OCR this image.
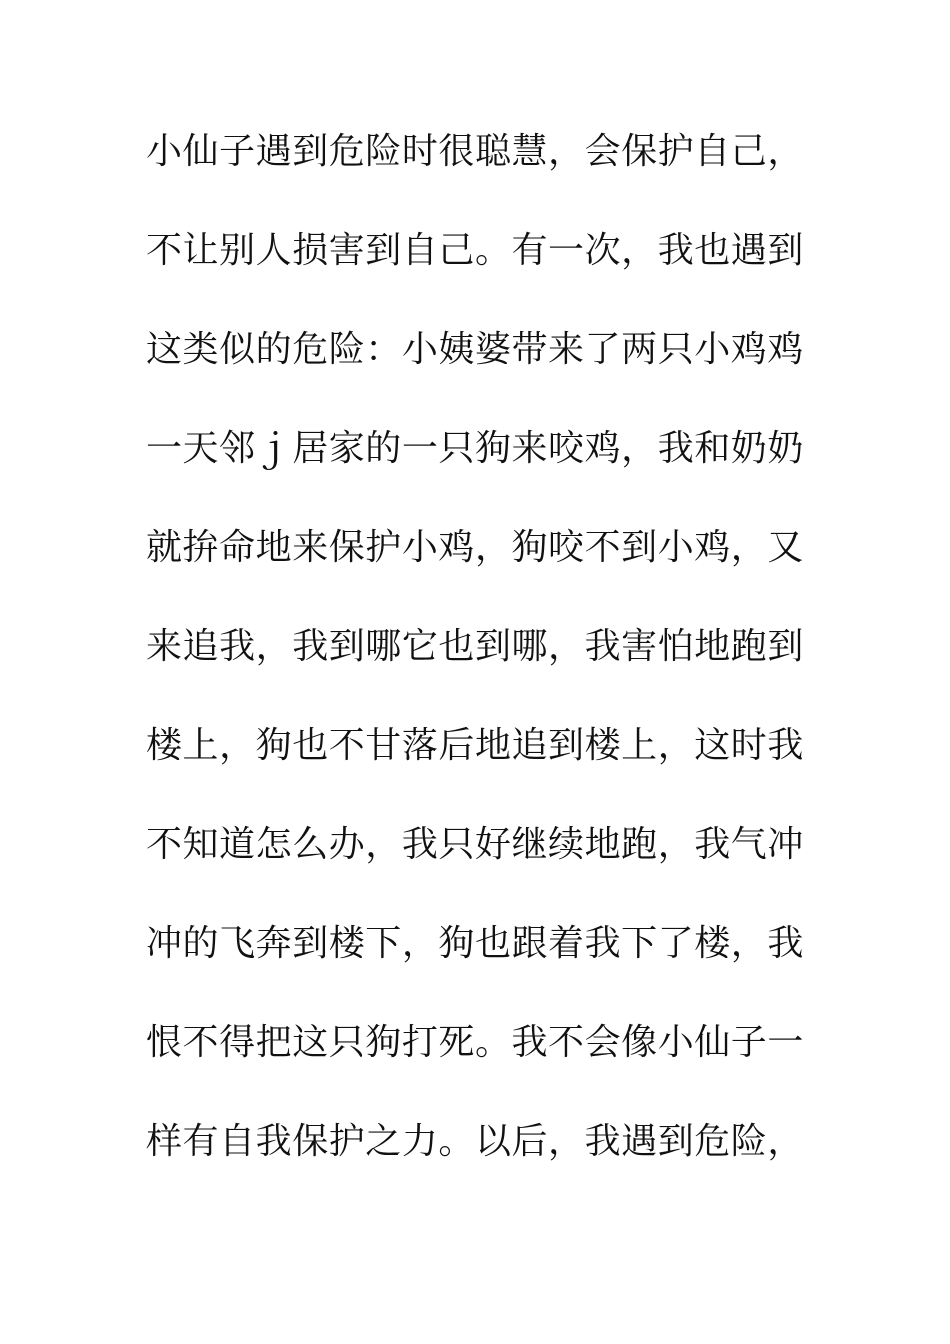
小仙子遇到危险时很聪慧，会保护自己，
不让别人损害到自己。有一次，我也遇到
这类似的危险：小姨婆带来了两只小鸡鸡
一天邻ｊ居家的一只狗来咬鸡，我和奶奶
就拚命地来保护小鸡，狗咬不到小鸡，又
来追我，我到哪它也到哪，我害怕地跑到
楼上，狗也不甘落后地追到楼上，这时我
不知道怎么办，我只好继续地跑，我气冲
冲的飞奔到楼下，狗也跟着我下了楼，我
恨不得把这只狗打死。我不会像小仙子一
样有自我保护之力。以后，我遇到危险，
